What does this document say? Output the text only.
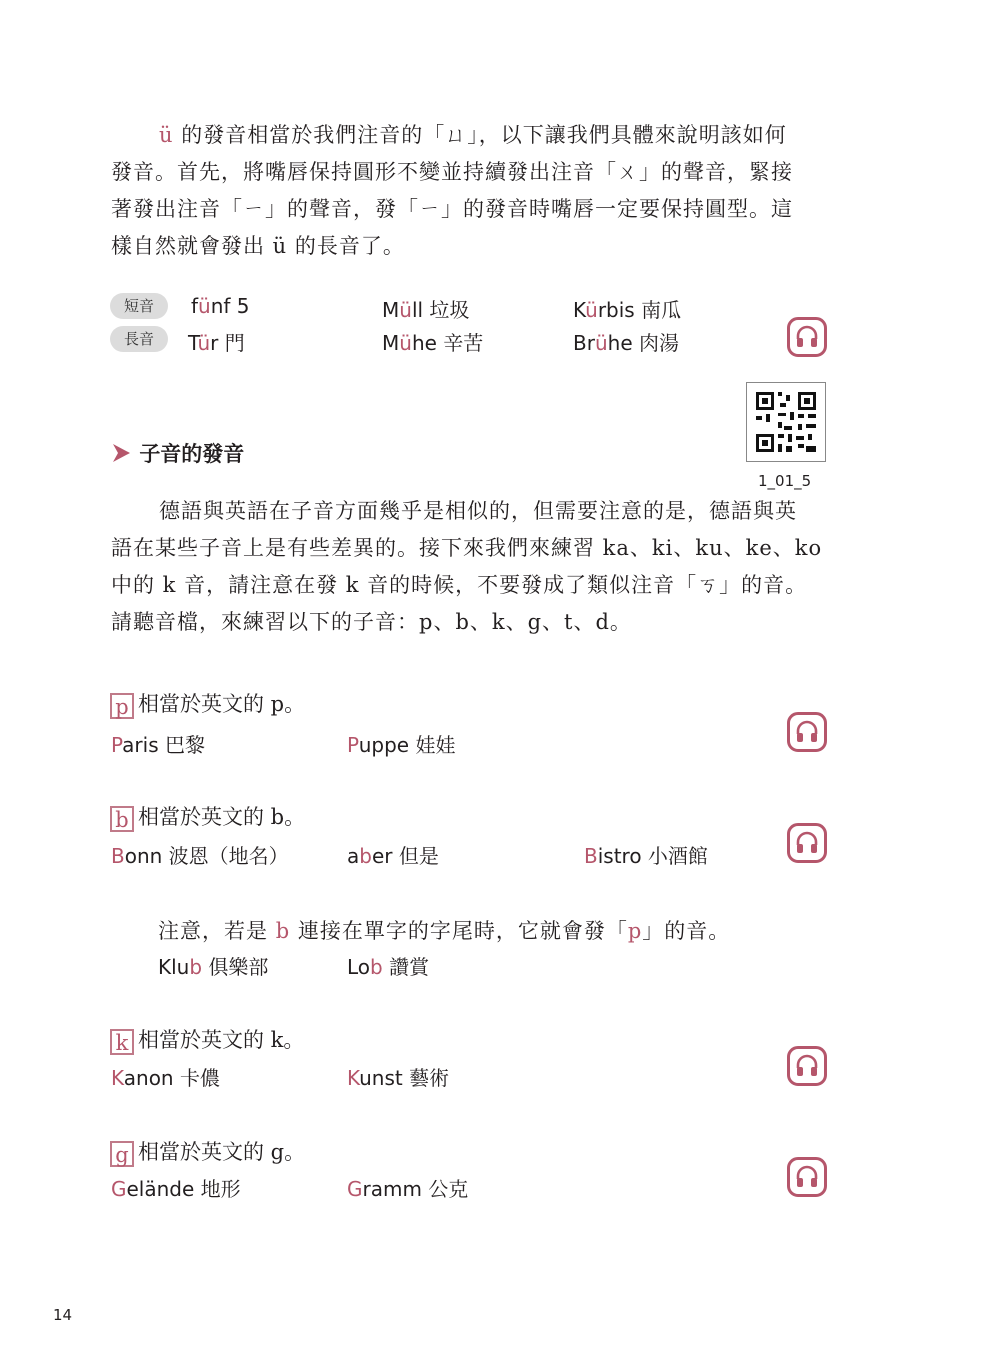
ü 的發音相當於我們注音的「ㄩ」，以下讓我們具體來說明該如何
發音。首先，將嘴唇保持圓形不變並持續發出注音「ㄨ」的聲音，緊接
著發出注音「ㄧ」的聲音，發「ㄧ」的發音時嘴唇一定要保持圓型。這
樣自然就會發出 ü 的長音了。
短音
長音
fünf 5	Müll 垃圾	Kürbis 南瓜
Tür 門	Mühe 辛苦	Brühe 肉湯
子音的發音
1_01_5
德語與英語在子音方面幾乎是相似的，但需要注意的是，德語與英
語在某些子音上是有些差異的。接下來我們來練習 ka、ki、ku、ke、ko
中的 k 音，請注意在發 k 音的時候，不要發成了類似注音「ㄎ」的音。
請聽音檔，來練習以下的子音：p、b、k、g、t、d。
p 相當於英文的 p。
Paris 巴黎	Puppe 娃娃
b 相當於英文的 b。
Bonn 波恩（地名）	aber 但是	Bistro 小酒館
注意，若是 b 連接在單字的字尾時，它就會發「p」的音。
Klub 俱樂部	Lob 讚賞
k 相當於英文的 k。
Kanon 卡儂	Kunst 藝術
g 相當於英文的 g。
Gelände 地形	Gramm 公克
14
